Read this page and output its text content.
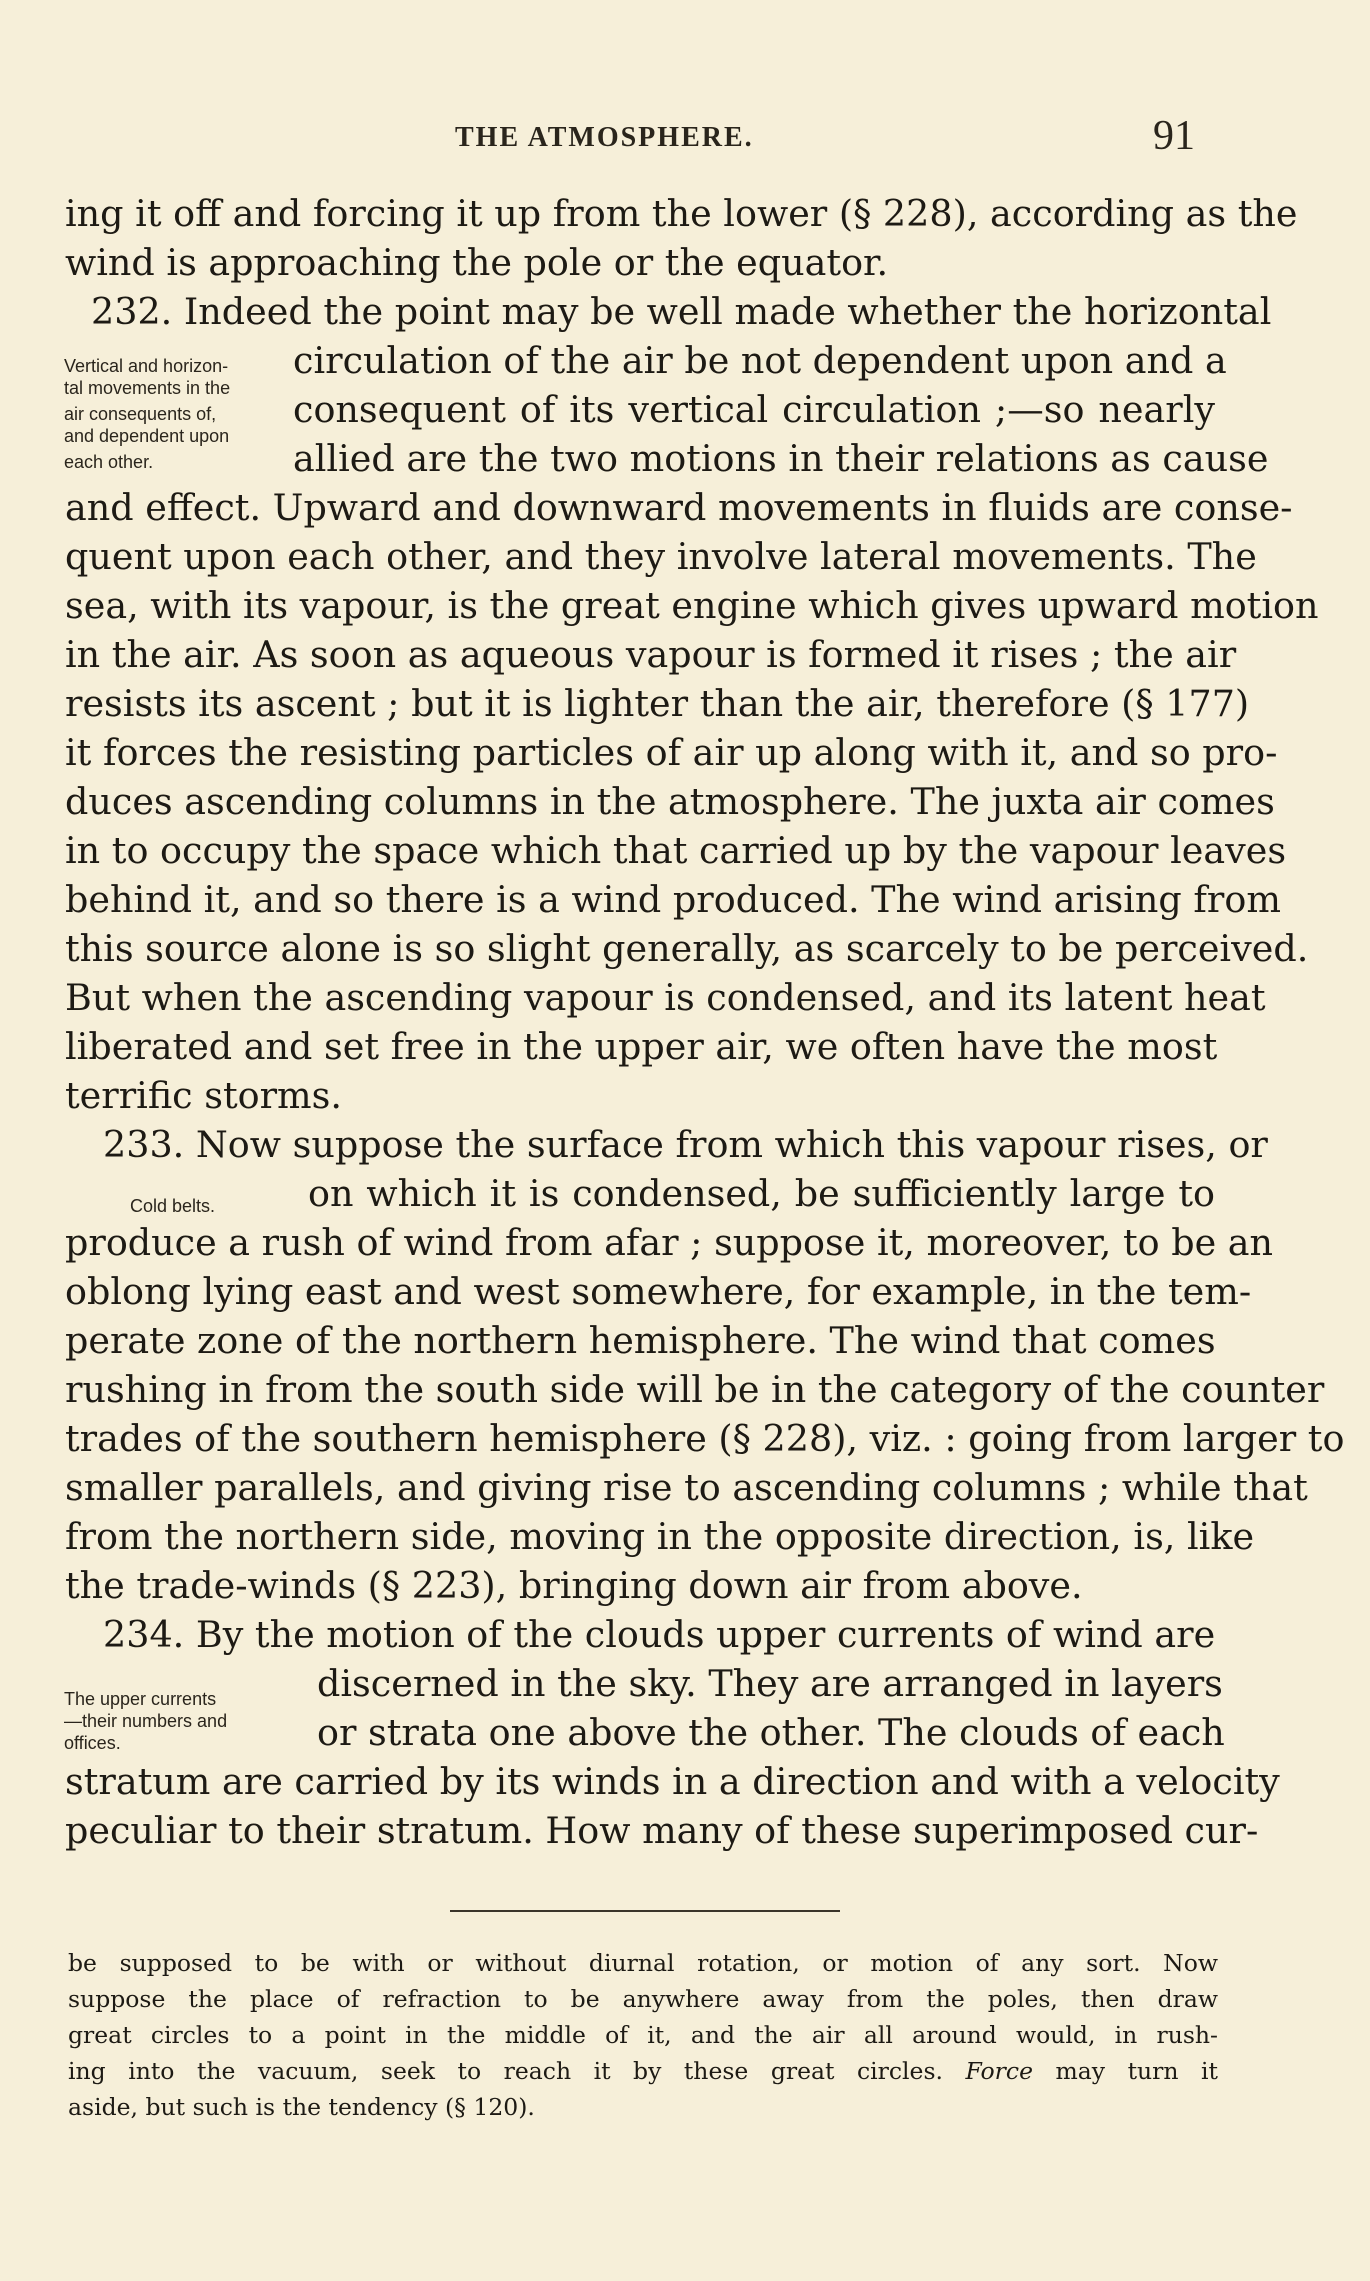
THE ATMOSPHERE.	91
ing it off and forcing it up from the lower (§ 228), according as the
wind is approaching the pole or the equator.
232. Indeed the point may be well made whether the horizontal
circulation of the air be not dependent upon and a
consequent of its vertical circulation ;—so nearly
allied are the two motions in their relations as cause
and effect. Upward and downward movements in fluids are conse-
quent upon each other, and they involve lateral movements. The
sea, with its vapour, is the great engine which gives upward motion
in the air. As soon as aqueous vapour is formed it rises ; the air
resists its ascent ; but it is lighter than the air, therefore (§ 177)
it forces the resisting particles of air up along with it, and so pro-
duces ascending columns in the atmosphere. The juxta air comes
in to occupy the space which that carried up by the vapour leaves
behind it, and so there is a wind produced. The wind arising from
this source alone is so slight generally, as scarcely to be perceived.
But when the ascending vapour is condensed, and its latent heat
liberated and set free in the upper air, we often have the most
terrific storms.
233. Now suppose the surface from which this vapour rises, or
on which it is condensed, be sufficiently large to
produce a rush of wind from afar ; suppose it, moreover, to be an
oblong lying east and west somewhere, for example, in the tem-
perate zone of the northern hemisphere. The wind that comes
rushing in from the south side will be in the category of the counter
trades of the southern hemisphere (§ 228), viz. : going from larger to
smaller parallels, and giving rise to ascending columns ; while that
from the northern side, moving in the opposite direction, is, like
the trade-winds (§ 223), bringing down air from above.
234. By the motion of the clouds upper currents of wind are
discerned in the sky. They are arranged in layers
or strata one above the other. The clouds of each
stratum are carried by its winds in a direction and with a velocity
peculiar to their stratum. How many of these superimposed cur-
Vertical and horizon-
tal movements in the
air consequents of,
and dependent upon
each other.
Cold belts.
The upper currents
—their numbers and
offices.
be supposed to be with or without diurnal rotation, or motion of any sort. Now
suppose the place of refraction to be anywhere away from the poles, then draw
great circles to a point in the middle of it, and the air all around would, in rush-
ing into the vacuum, seek to reach it by these great circles. Force may turn it
aside, but such is the tendency (§ 120).
